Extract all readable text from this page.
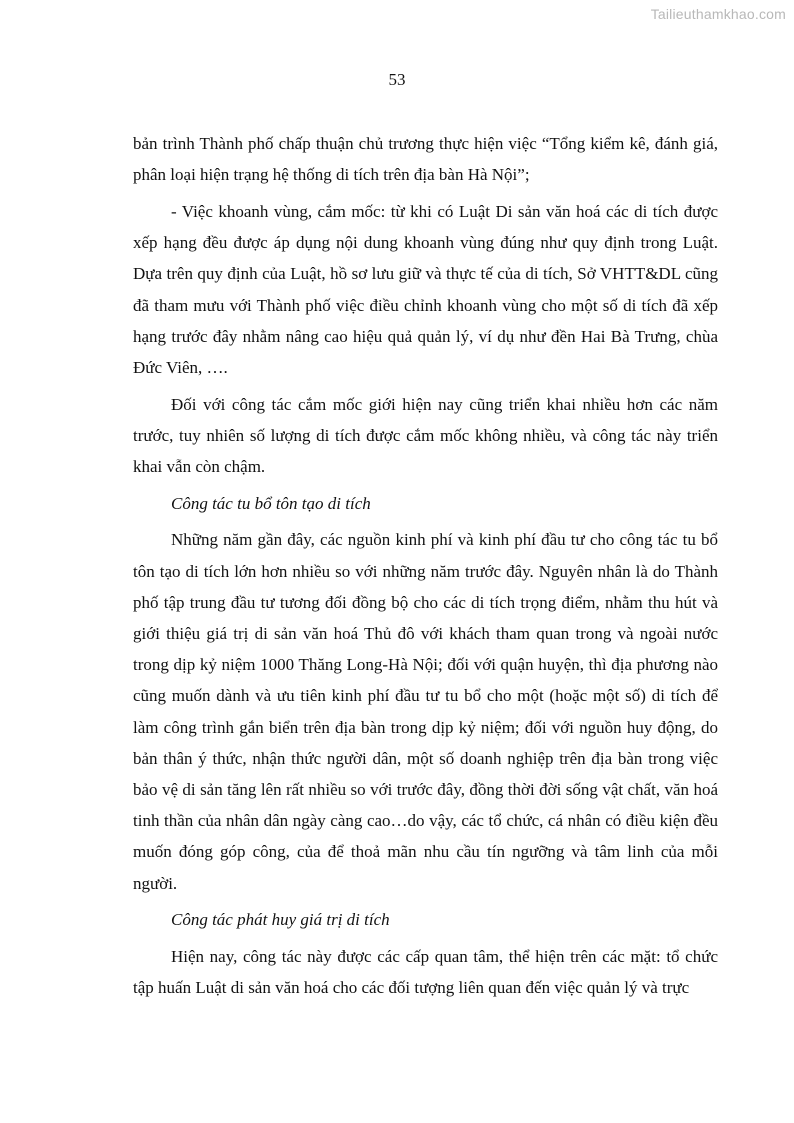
Tailieuthamkhao.com
53

bản trình Thành phố chấp thuận chủ trương thực hiện việc “Tổng kiểm kê, đánh giá, phân loại hiện trạng hệ thống di tích trên địa bàn Hà Nội”;

- Việc khoanh vùng, cắm mốc: từ khi có Luật Di sản văn hoá các di tích được xếp hạng đều được áp dụng nội dung khoanh vùng đúng như quy định trong Luật. Dựa trên quy định của Luật, hồ sơ lưu giữ và thực tế của di tích, Sở VHTT&DL cũng đã tham mưu với Thành phố việc điều chỉnh khoanh vùng cho một số di tích đã xếp hạng trước đây nhằm nâng cao hiệu quả quản lý, ví dụ như đền Hai Bà Trưng, chùa Đức Viên, ….

Đối với công tác cắm mốc giới hiện nay cũng triển khai nhiều hơn các năm trước, tuy nhiên số lượng di tích được cắm mốc không nhiều, và công tác này triển khai vẫn còn chậm.

Công tác tu bổ tôn tạo di tích

Những năm gần đây, các nguồn kinh phí và kinh phí đầu tư cho công tác tu bổ tôn tạo di tích lớn hơn nhiều so với những năm trước đây. Nguyên nhân là do Thành phố tập trung đầu tư tương đối đồng bộ cho các di tích trọng điểm, nhằm thu hút và giới thiệu giá trị di sản văn hoá Thủ đô với khách tham quan trong và ngoài nước trong dịp kỷ niệm 1000 Thăng Long-Hà Nội; đối với quận huyện, thì địa phương nào cũng muốn dành và ưu tiên kinh phí đầu tư tu bổ cho một (hoặc một số) di tích để làm công trình gắn biển trên địa bàn trong dịp kỷ niệm; đối với nguồn huy động, do bản thân ý thức, nhận thức người dân, một số doanh nghiệp trên địa bàn trong việc bảo vệ di sản tăng lên rất nhiều so với trước đây, đồng thời đời sống vật chất, văn hoá tinh thần của nhân dân ngày càng cao…do vậy, các tổ chức, cá nhân có điều kiện đều muốn đóng góp công, của để thoả mãn nhu cầu tín ngưỡng và tâm linh của mỗi người.

Công tác phát huy giá trị di tích

Hiện nay, công tác này được các cấp quan tâm, thể hiện trên các mặt: tổ chức tập huấn Luật di sản văn hoá cho các đối tượng liên quan đến việc quản lý và trực
